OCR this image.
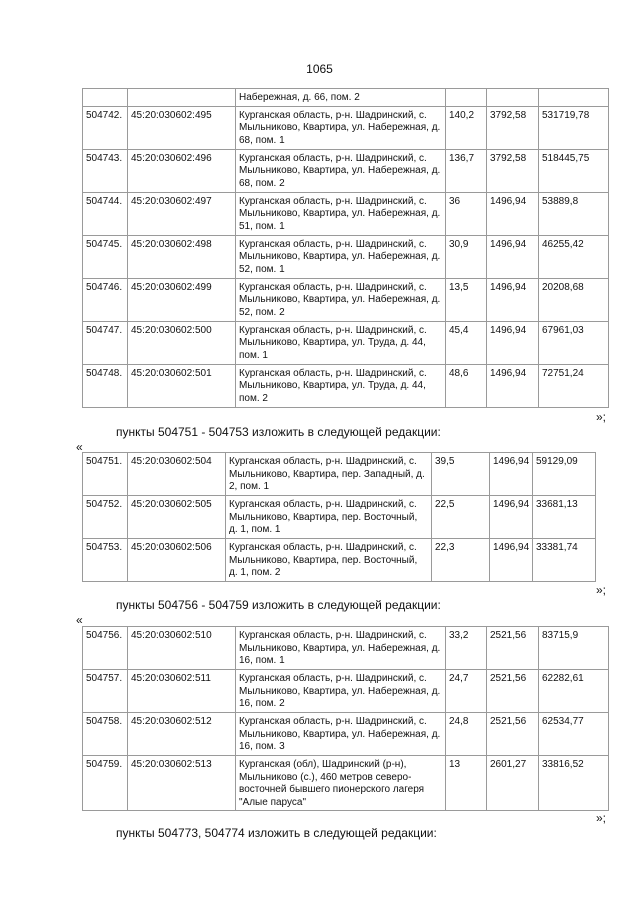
1065
		Набережная, д. 66, пом. 2			
504742.	45:20:030602:495	Курганская область, р-н. Шадринский, с. Мыльниково, Квартира, ул. Набережная, д. 68, пом. 1	140,2	3792,58	531719,78
504743.	45:20:030602:496	Курганская область, р-н. Шадринский, с. Мыльниково, Квартира, ул. Набережная, д. 68, пом. 2	136,7	3792,58	518445,75
504744.	45:20:030602:497	Курганская область, р-н. Шадринский, с. Мыльниково, Квартира, ул. Набережная, д. 51, пом. 1	36	1496,94	53889,8
504745.	45:20:030602:498	Курганская область, р-н. Шадринский, с. Мыльниково, Квартира, ул. Набережная, д. 52, пом. 1	30,9	1496,94	46255,42
504746.	45:20:030602:499	Курганская область, р-н. Шадринский, с. Мыльниково, Квартира, ул. Набережная, д. 52, пом. 2	13,5	1496,94	20208,68
504747.	45:20:030602:500	Курганская область, р-н. Шадринский, с. Мыльниково, Квартира, ул. Труда, д. 44, пом. 1	45,4	1496,94	67961,03
504748.	45:20:030602:501	Курганская область, р-н. Шадринский, с. Мыльниково, Квартира, ул. Труда, д. 44, пом. 2	48,6	1496,94	72751,24
»;
пункты 504751 - 504753 изложить в следующей редакции:
«
504751.	45:20:030602:504	Курганская область, р-н. Шадринский, с. Мыльниково, Квартира, пер. Западный, д. 2, пом. 1	39,5	1496,94	59129,09
504752.	45:20:030602:505	Курганская область, р-н. Шадринский, с. Мыльниково, Квартира, пер. Восточный, д. 1, пом. 1	22,5	1496,94	33681,13
504753.	45:20:030602:506	Курганская область, р-н. Шадринский, с. Мыльниково, Квартира, пер. Восточный, д. 1, пом. 2	22,3	1496,94	33381,74
»;
пункты 504756 - 504759 изложить в следующей редакции:
«
504756.	45:20:030602:510	Курганская область, р-н. Шадринский, с. Мыльниково, Квартира, ул. Набережная, д. 16, пом. 1	33,2	2521,56	83715,9
504757.	45:20:030602:511	Курганская область, р-н. Шадринский, с. Мыльниково, Квартира, ул. Набережная, д. 16, пом. 2	24,7	2521,56	62282,61
504758.	45:20:030602:512	Курганская область, р-н. Шадринский, с. Мыльниково, Квартира, ул. Набережная, д. 16, пом. 3	24,8	2521,56	62534,77
504759.	45:20:030602:513	Курганская (обл), Шадринский (р-н), Мыльниково (с.), 460 метров северо-восточней бывшего пионерского лагеря "Алые паруса"	13	2601,27	33816,52
»;
пункты 504773, 504774 изложить в следующей редакции:
